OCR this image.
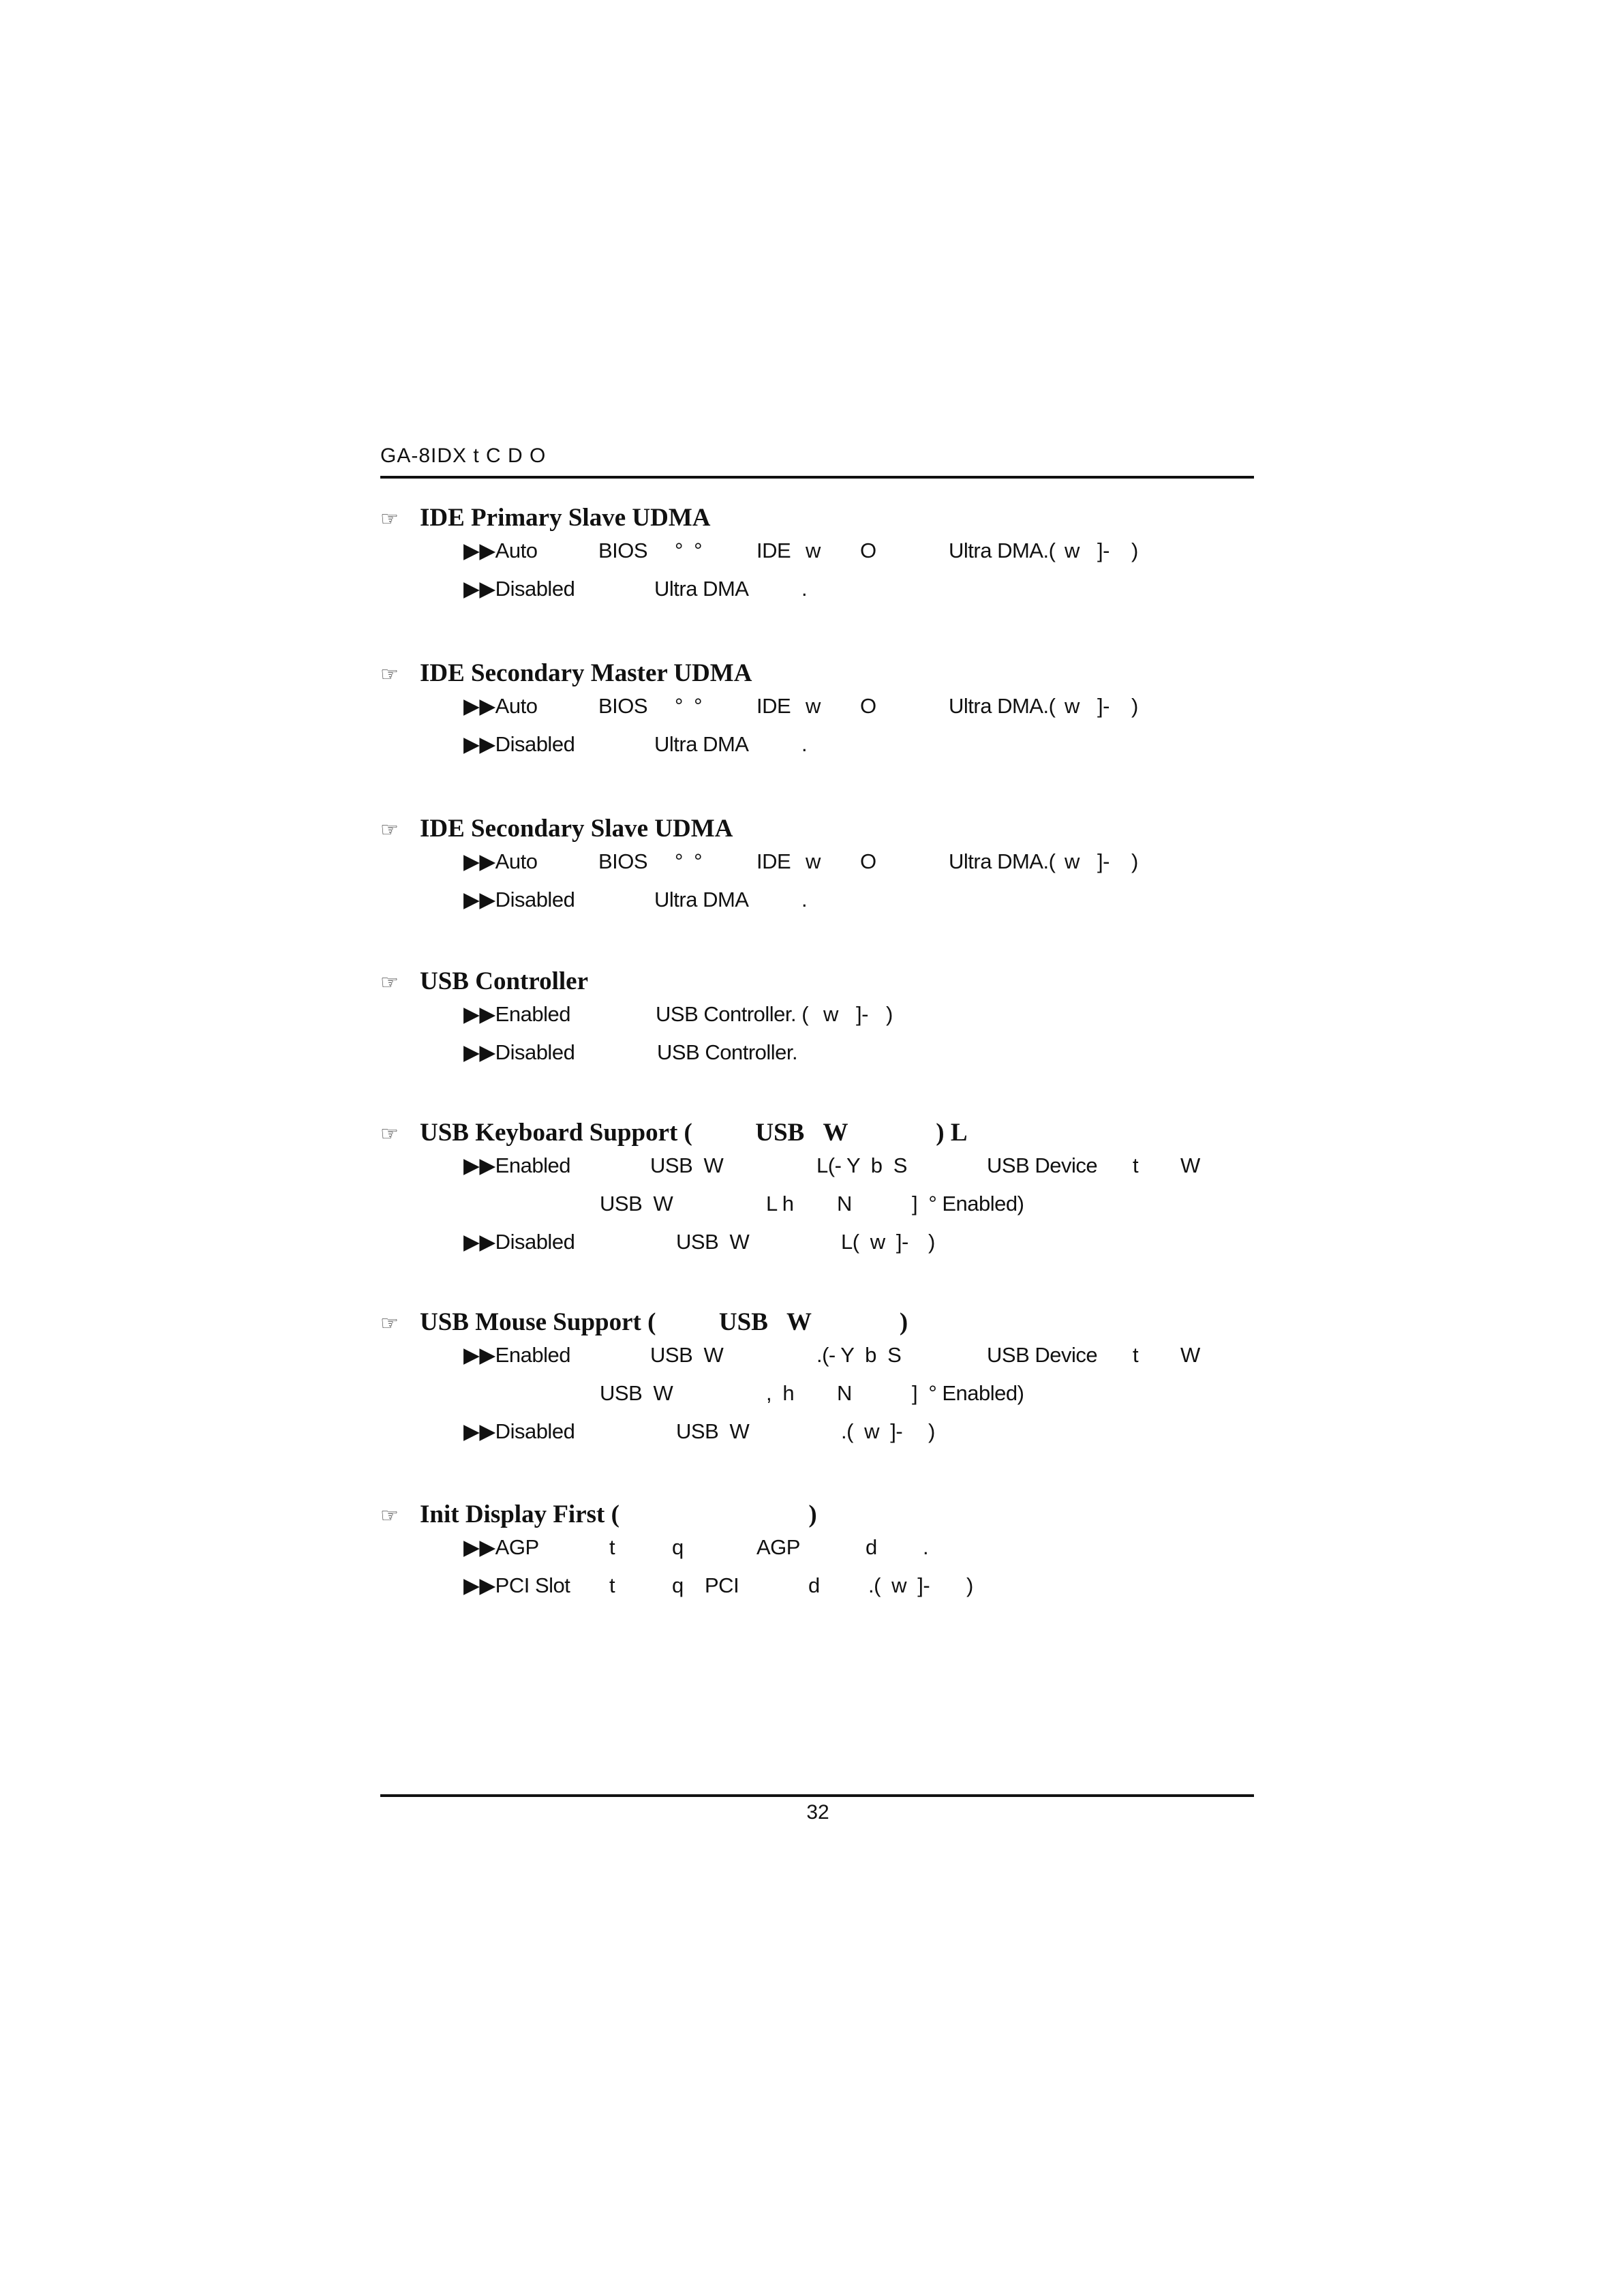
GA-8IDX t C D O
☞ IDE Primary Slave UDMA
▶▶Auto	BIOS °  °	IDE w O	Ultra DMA.( w ]- )
▶▶Disabled	Ultra DMA	.
☞ IDE Secondary Master UDMA
▶▶Auto	BIOS °  °	IDE w O	Ultra DMA.( w ]- )
▶▶Disabled	Ultra DMA	.
☞ IDE Secondary Slave UDMA
▶▶Auto	BIOS °  °	IDE w O	Ultra DMA.( w ]- )
▶▶Disabled	Ultra DMA	.
☞ USB Controller
▶▶Enabled	USB Controller. ( w ]- )
▶▶Disabled	USB Controller.
☞ USB Keyboard Support (          USB   W              ) L
▶▶Enabled	USB  W	L(- Y  b  S	USB Device t W
USB  W	L h N	]  ° Enabled)
▶▶Disabled	USB  W	L(  w  ]- )
☞ USB Mouse Support (          USB   W              )
▶▶Enabled	USB  W	.(- Y  b  S	USB Device t W
USB  W	,  h N	]  ° Enabled)
▶▶Disabled	USB  W	.(  w  ]- )
☞ Init Display First (                              )
▶▶AGP	t	q	AGP	d .
▶▶PCI Slot t	q PCI	d .(  w  ]- )
32
